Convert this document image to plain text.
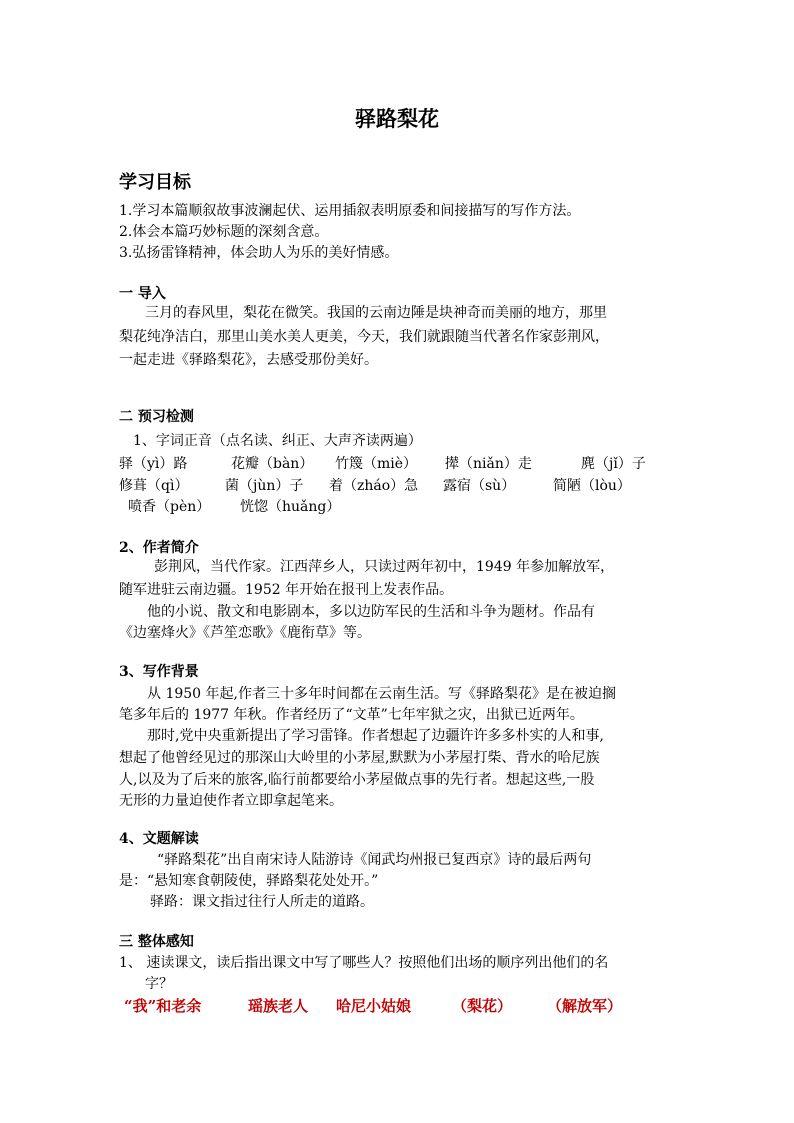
驿路梨花
学习目标
1.学习本篇顺叙故事波澜起伏、运用插叙表明原委和间接描写的写作方法。
2.体会本篇巧妙标题的深刻含意。
3.弘扬雷锋精神，体会助人为乐的美好情感。
一 导入
三月的春风里，梨花在微笑。我国的云南边陲是块神奇而美丽的地方，那里
梨花纯净洁白，那里山美水美人更美，今天，我们就跟随当代著名作家彭荆风，
一起走进《驿路梨花》，去感受那份美好。
二 预习检测
1、字词正音（点名读、纠正、大声齐读两遍）
驿（yì）路	花瓣（bàn） 竹篾（miè） 撵（niǎn）走	麂（jǐ）子
修葺（qì）	菌（jùn）子 着（zháo）急 露宿（sù）	简陋（lòu）
喷香（pèn） 恍惚（huǎng）
2、作者简介
彭荆风，当代作家。江西萍乡人，只读过两年初中，1949 年参加解放军，
随军进驻云南边疆。1952 年开始在报刊上发表作品。
他的小说、散文和电影剧本，多以边防军民的生活和斗争为题材。作品有
《边塞烽火》《芦笙恋歌》《鹿衔草》等。
3、写作背景
从 1950 年起,作者三十多年时间都在云南生活。写《驿路梨花》是在被迫搁
笔多年后的 1977 年秋。作者经历了“文革”七年牢狱之灾，出狱已近两年。
那时,党中央重新提出了学习雷锋。作者想起了边疆许许多多朴实的人和事,
想起了他曾经见过的那深山大岭里的小茅屋,默默为小茅屋打柴、背水的哈尼族
人,以及为了后来的旅客,临行前都要给小茅屋做点事的先行者。想起这些,一股
无形的力量迫使作者立即拿起笔来。
4、文题解读
“驿路梨花”出自南宋诗人陆游诗《闻武均州报已复西京》诗的最后两句
是：“悬知寒食朝陵使，驿路梨花处处开。”
驿路：课文指过往行人所走的道路。
三 整体感知
1、 速读课文，读后指出课文中写了哪些人？按照他们出场的顺序列出他们的名
字？
“我”和老余	瑶族老人 哈尼小姑娘	（梨花） （解放军）
